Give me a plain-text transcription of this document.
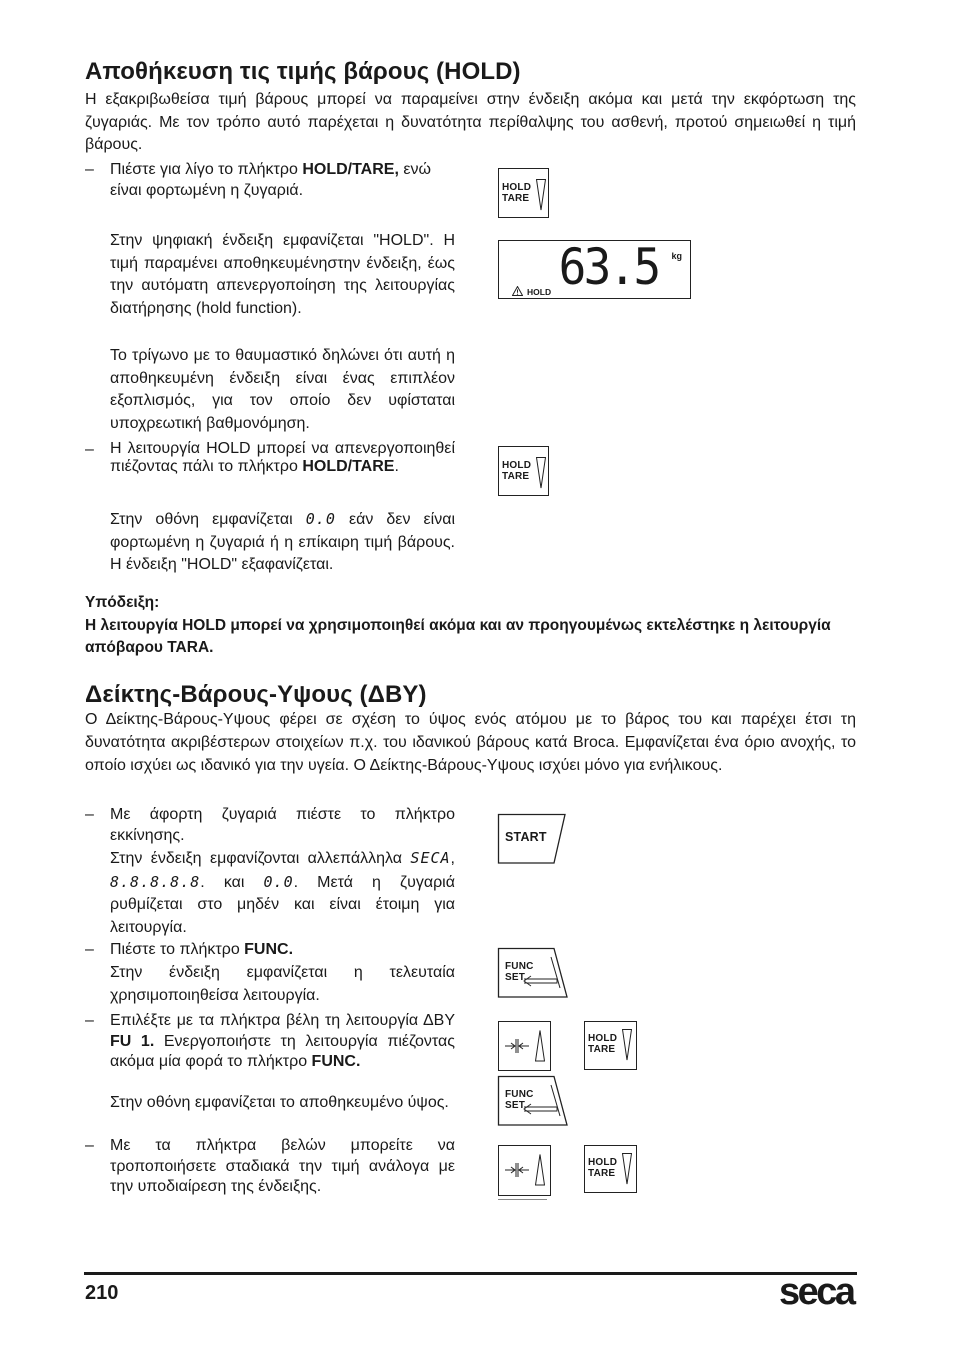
Αποθήκευση τις τιμής βάρους (HOLD)

Η εξακριβωθείσα τιμή βάρους μπορεί να παραμείνει στην ένδειξη ακόμα και μετά την εκφόρτωση της ζυγαριάς. Με τον τρόπο αυτό παρέχεται η δυνατότητα περίθαλψης του ασθενή, προτού σημειωθεί η τιμή βάρους.

– Πιέστε για λίγο το πλήκτρο HOLD/TARE, ενώ είναι φορτωμένη η ζυγαριά.

Στην ψηφιακή ένδειξη εμφανίζεται "HOLD". Η τιμή παραμένει αποθηκευμένηστην ένδειξη, έως την αυτόματη απενεργοποίηση της λειτουργίας διατήρησης (hold function).

Το τρίγωνο με το θαυμαστικό δηλώνει ότι αυτή η αποθηκευμένη ένδειξη είναι ένας επιπλέον εξοπλισμός, για τον οποίο δεν υφίσταται υποχρεωτική βαθμονόμηση.

– Η λειτουργία HOLD μπορεί να απενεργοποιηθεί πιέζοντας πάλι το πλήκτρο HOLD/TARE.

Στην οθόνη εμφανίζεται 0.0 εάν δεν είναι φορτωμένη η ζυγαριά ή η επίκαιρη τιμή βάρους. Η ένδειξη "HOLD" εξαφανίζεται.

HOLD
TARE
63.5 kg
HOLD
HOLD
TARE

Υπόδειξη:

Η λειτουργία HOLD μπορεί να χρησιμοποιηθεί ακόμα και αν προηγουμένως εκτελέστηκε η λειτουργία απόβαρου TARA.

Δείκτης-Βάρους-Υψους (ΔΒΥ)

Ο Δείκτης-Βάρους-Υψους φέρει σε σχέση το ύψος ενός ατόμου με το βάρος του και παρέχει έτσι τη δυνατότητα ακριβέστερων στοιχείων π.χ. του ιδανικού βάρους κατά Broca. Εμφανίζεται ένα όριο ανοχής, το οποίο ισχύει ως ιδανικό για την υγεία. Ο Δείκτης-Βάρους-Υψους ισχύει μόνο για ενήλικους.

– Με άφορτη ζυγαριά πιέστε το πλήκτρο εκκίνησης.

Στην ένδειξη εμφανίζονται αλλεπάλληλα SECA, 8.8.8.8.8. και 0.0. Μετά η ζυγαριά ρυθμίζεται στο μηδέν και είναι έτοιμη για λειτουργία.

– Πιέστε το πλήκτρο FUNC.

Στην ένδειξη εμφανίζεται η τελευταία χρησιμοποιηθείσα λειτουργία.

– Επιλέξτε με τα πλήκτρα βέλη τη λειτουργία ΔΒΥ FU 1. Ενεργοποιήστε τη λειτουργία πιέζοντας ακόμα μία φορά το πλήκτρο FUNC.

Στην οθόνη εμφανίζεται το αποθηκευμένο ύψος.

– Με τα πλήκτρα βελών μπορείτε να τροποποιήσετε σταδιακά την τιμή ανάλογα με την υποδιαίρεση της ένδειξης.

START
FUNC
SET
HOLD
TARE
FUNC
SET
HOLD
TARE
210	seca
